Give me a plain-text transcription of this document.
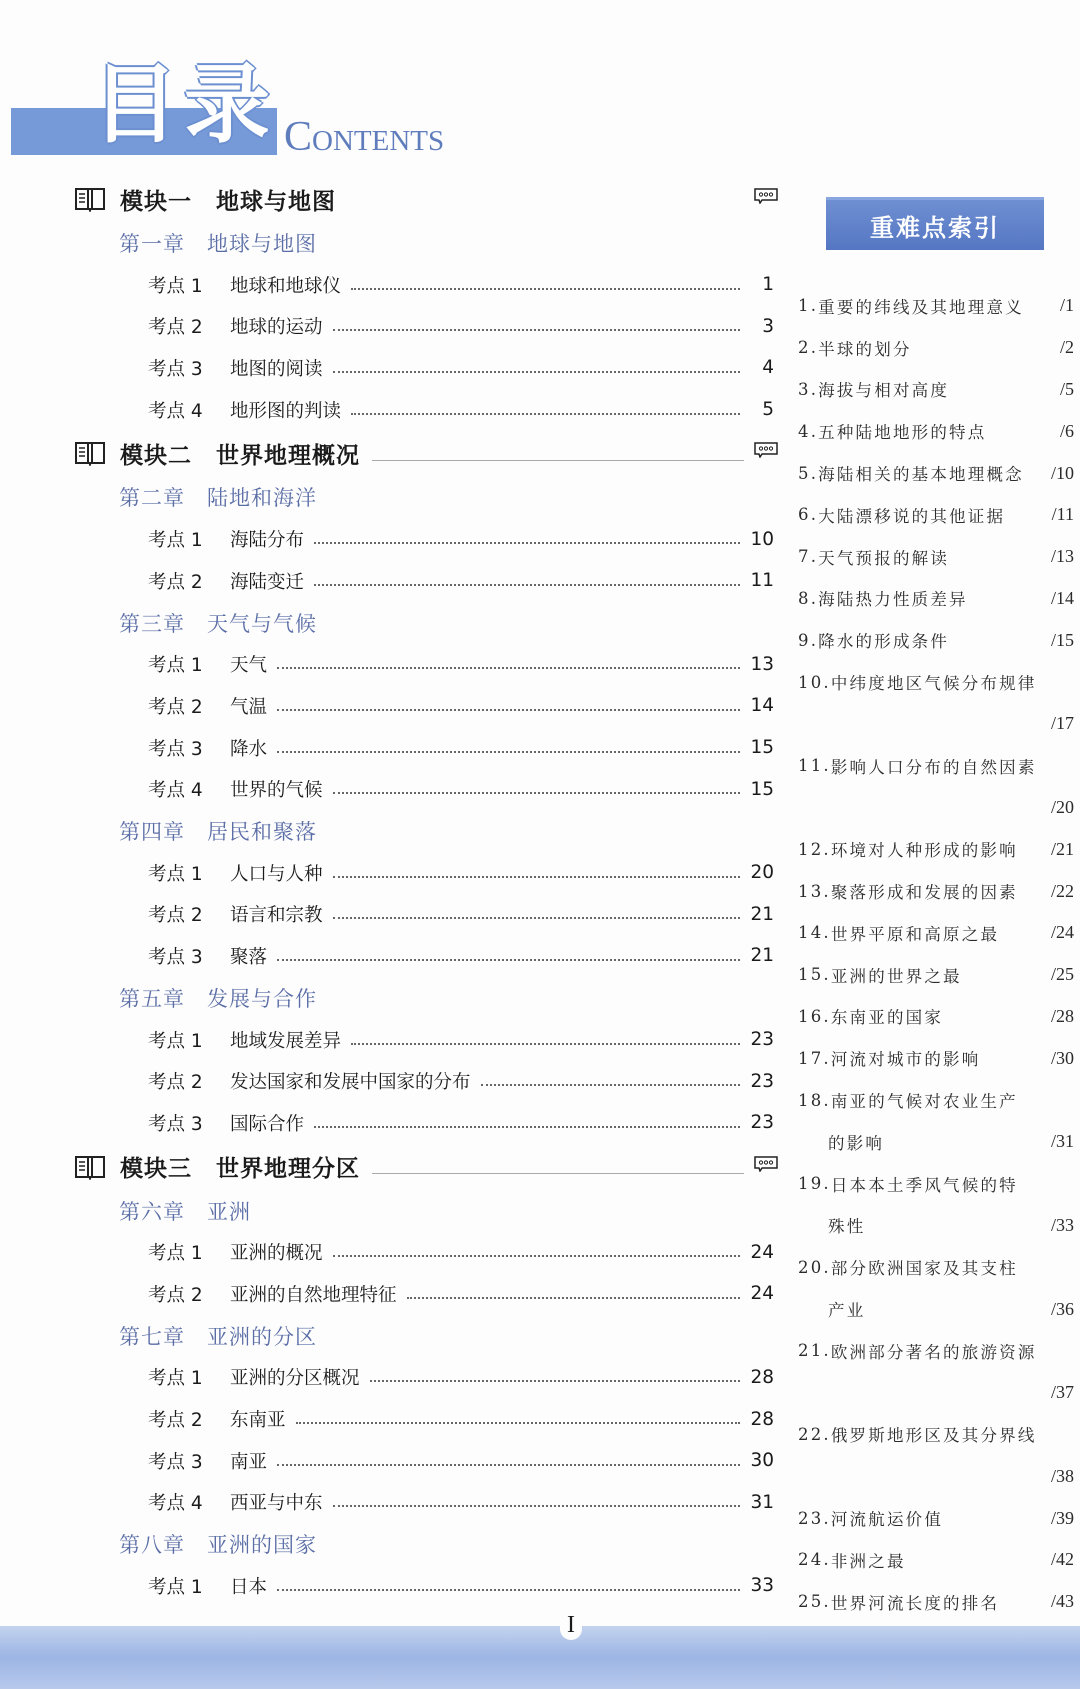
目录 Contents
模块一　地球与地图
第一章　地球与地图
考点 1	地球和地球仪	1
考点 2	地球的运动	3
考点 3	地图的阅读	4
考点 4	地形图的判读	5
模块二　世界地理概况
第二章　陆地和海洋
考点 1	海陆分布	10
考点 2	海陆变迁	11
第三章　天气与气候
考点 1	天气	13
考点 2	气温	14
考点 3	降水	15
考点 4	世界的气候	15
第四章　居民和聚落
考点 1	人口与人种	20
考点 2	语言和宗教	21
考点 3	聚落	21
第五章　发展与合作
考点 1	地域发展差异	23
考点 2	发达国家和发展中国家的分布	23
考点 3	国际合作	23
模块三　世界地理分区
第六章　亚洲
考点 1	亚洲的概况	24
考点 2	亚洲的自然地理特征	24
第七章　亚洲的分区
考点 1	亚洲的分区概况	28
考点 2	东南亚	28
考点 3	南亚	30
考点 4	西亚与中东	31
第八章　亚洲的国家
考点 1	日本	33
重难点索引
1. 重要的纬线及其地理意义	/1
2. 半球的划分	/2
3. 海拔与相对高度	/5
4. 五种陆地地形的特点	/6
5. 海陆相关的基本地理概念	/10
6. 大陆漂移说的其他证据	/11
7. 天气预报的解读	/13
8. 海陆热力性质差异	/14
9. 降水的形成条件	/15
10. 中纬度地区气候分布规律
/17
11. 影响人口分布的自然因素
/20
12. 环境对人种形成的影响	/21
13. 聚落形成和发展的因素	/22
14. 世界平原和高原之最	/24
15. 亚洲的世界之最	/25
16. 东南亚的国家	/28
17. 河流对城市的影响	/30
18. 南亚的气候对农业生产
的影响	/31
19. 日本本土季风气候的特
殊性	/33
20. 部分欧洲国家及其支柱
产业	/36
21. 欧洲部分著名的旅游资源
/37
22. 俄罗斯地形区及其分界线
/38
23. 河流航运价值	/39
24. 非洲之最	/42
25. 世界河流长度的排名	/43
I
